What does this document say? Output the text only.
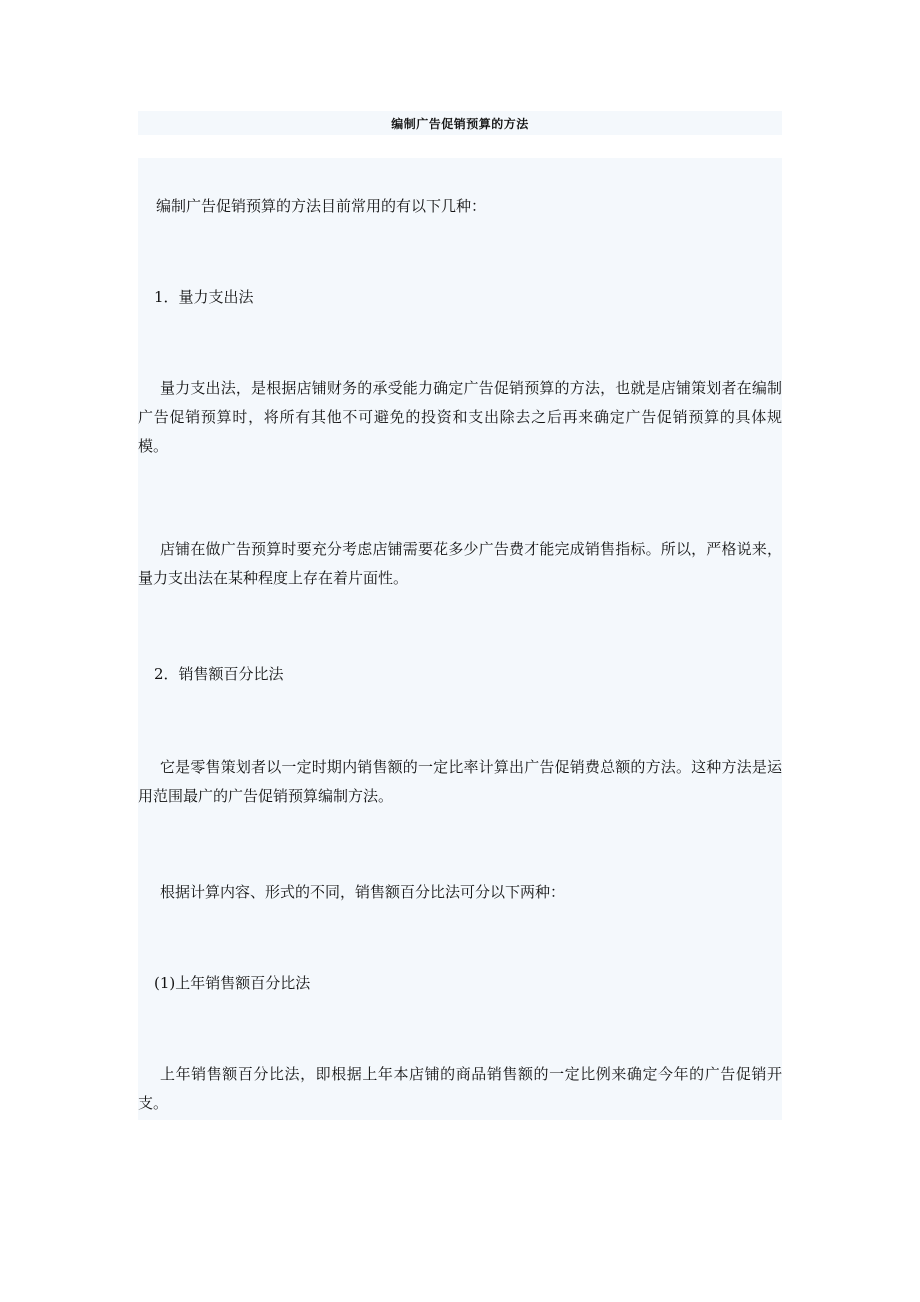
编制广告促销预算的方法

编制广告促销预算的方法目前常用的有以下几种：

1．量力支出法

量力支出法，是根据店铺财务的承受能力确定广告促销预算的方法，也就是店铺策划者在编制广告促销预算时，将所有其他不可避免的投资和支出除去之后再来确定广告促销预算的具体规模。

店铺在做广告预算时要充分考虑店铺需要花多少广告费才能完成销售指标。所以，严格说来，量力支出法在某种程度上存在着片面性。

2．销售额百分比法

它是零售策划者以一定时期内销售额的一定比率计算出广告促销费总额的方法。这种方法是运用范围最广的广告促销预算编制方法。

根据计算内容、形式的不同，销售额百分比法可分以下两种：

(1)上年销售额百分比法

上年销售额百分比法，即根据上年本店铺的商品销售额的一定比例来确定今年的广告促销开支。
